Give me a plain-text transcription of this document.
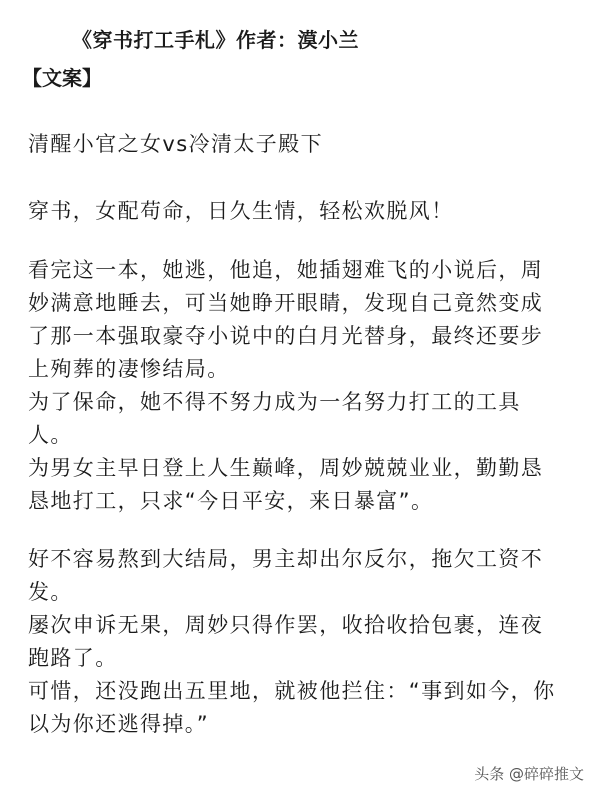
《穿书打工手札》作者：漠小兰
【文案】
清醒小官之女vs冷清太子殿下
穿书，女配苟命，日久生情，轻松欢脱风！
看完这一本，她逃，他追，她插翅难飞的小说后，周
妙满意地睡去，可当她睁开眼睛，发现自己竟然变成
了那一本强取豪夺小说中的白月光替身，最终还要步
上殉葬的凄惨结局。
为了保命，她不得不努力成为一名努力打工的工具
人。
为男女主早日登上人生巅峰，周妙兢兢业业，勤勤恳
恳地打工，只求“今日平安，来日暴富”。
好不容易熬到大结局，男主却出尔反尔，拖欠工资不
发。
屡次申诉无果，周妙只得作罢，收拾收拾包裹，连夜
跑路了。
可惜，还没跑出五里地，就被他拦住：“事到如今，你
以为你还逃得掉。”
头条 @碎碎推文
